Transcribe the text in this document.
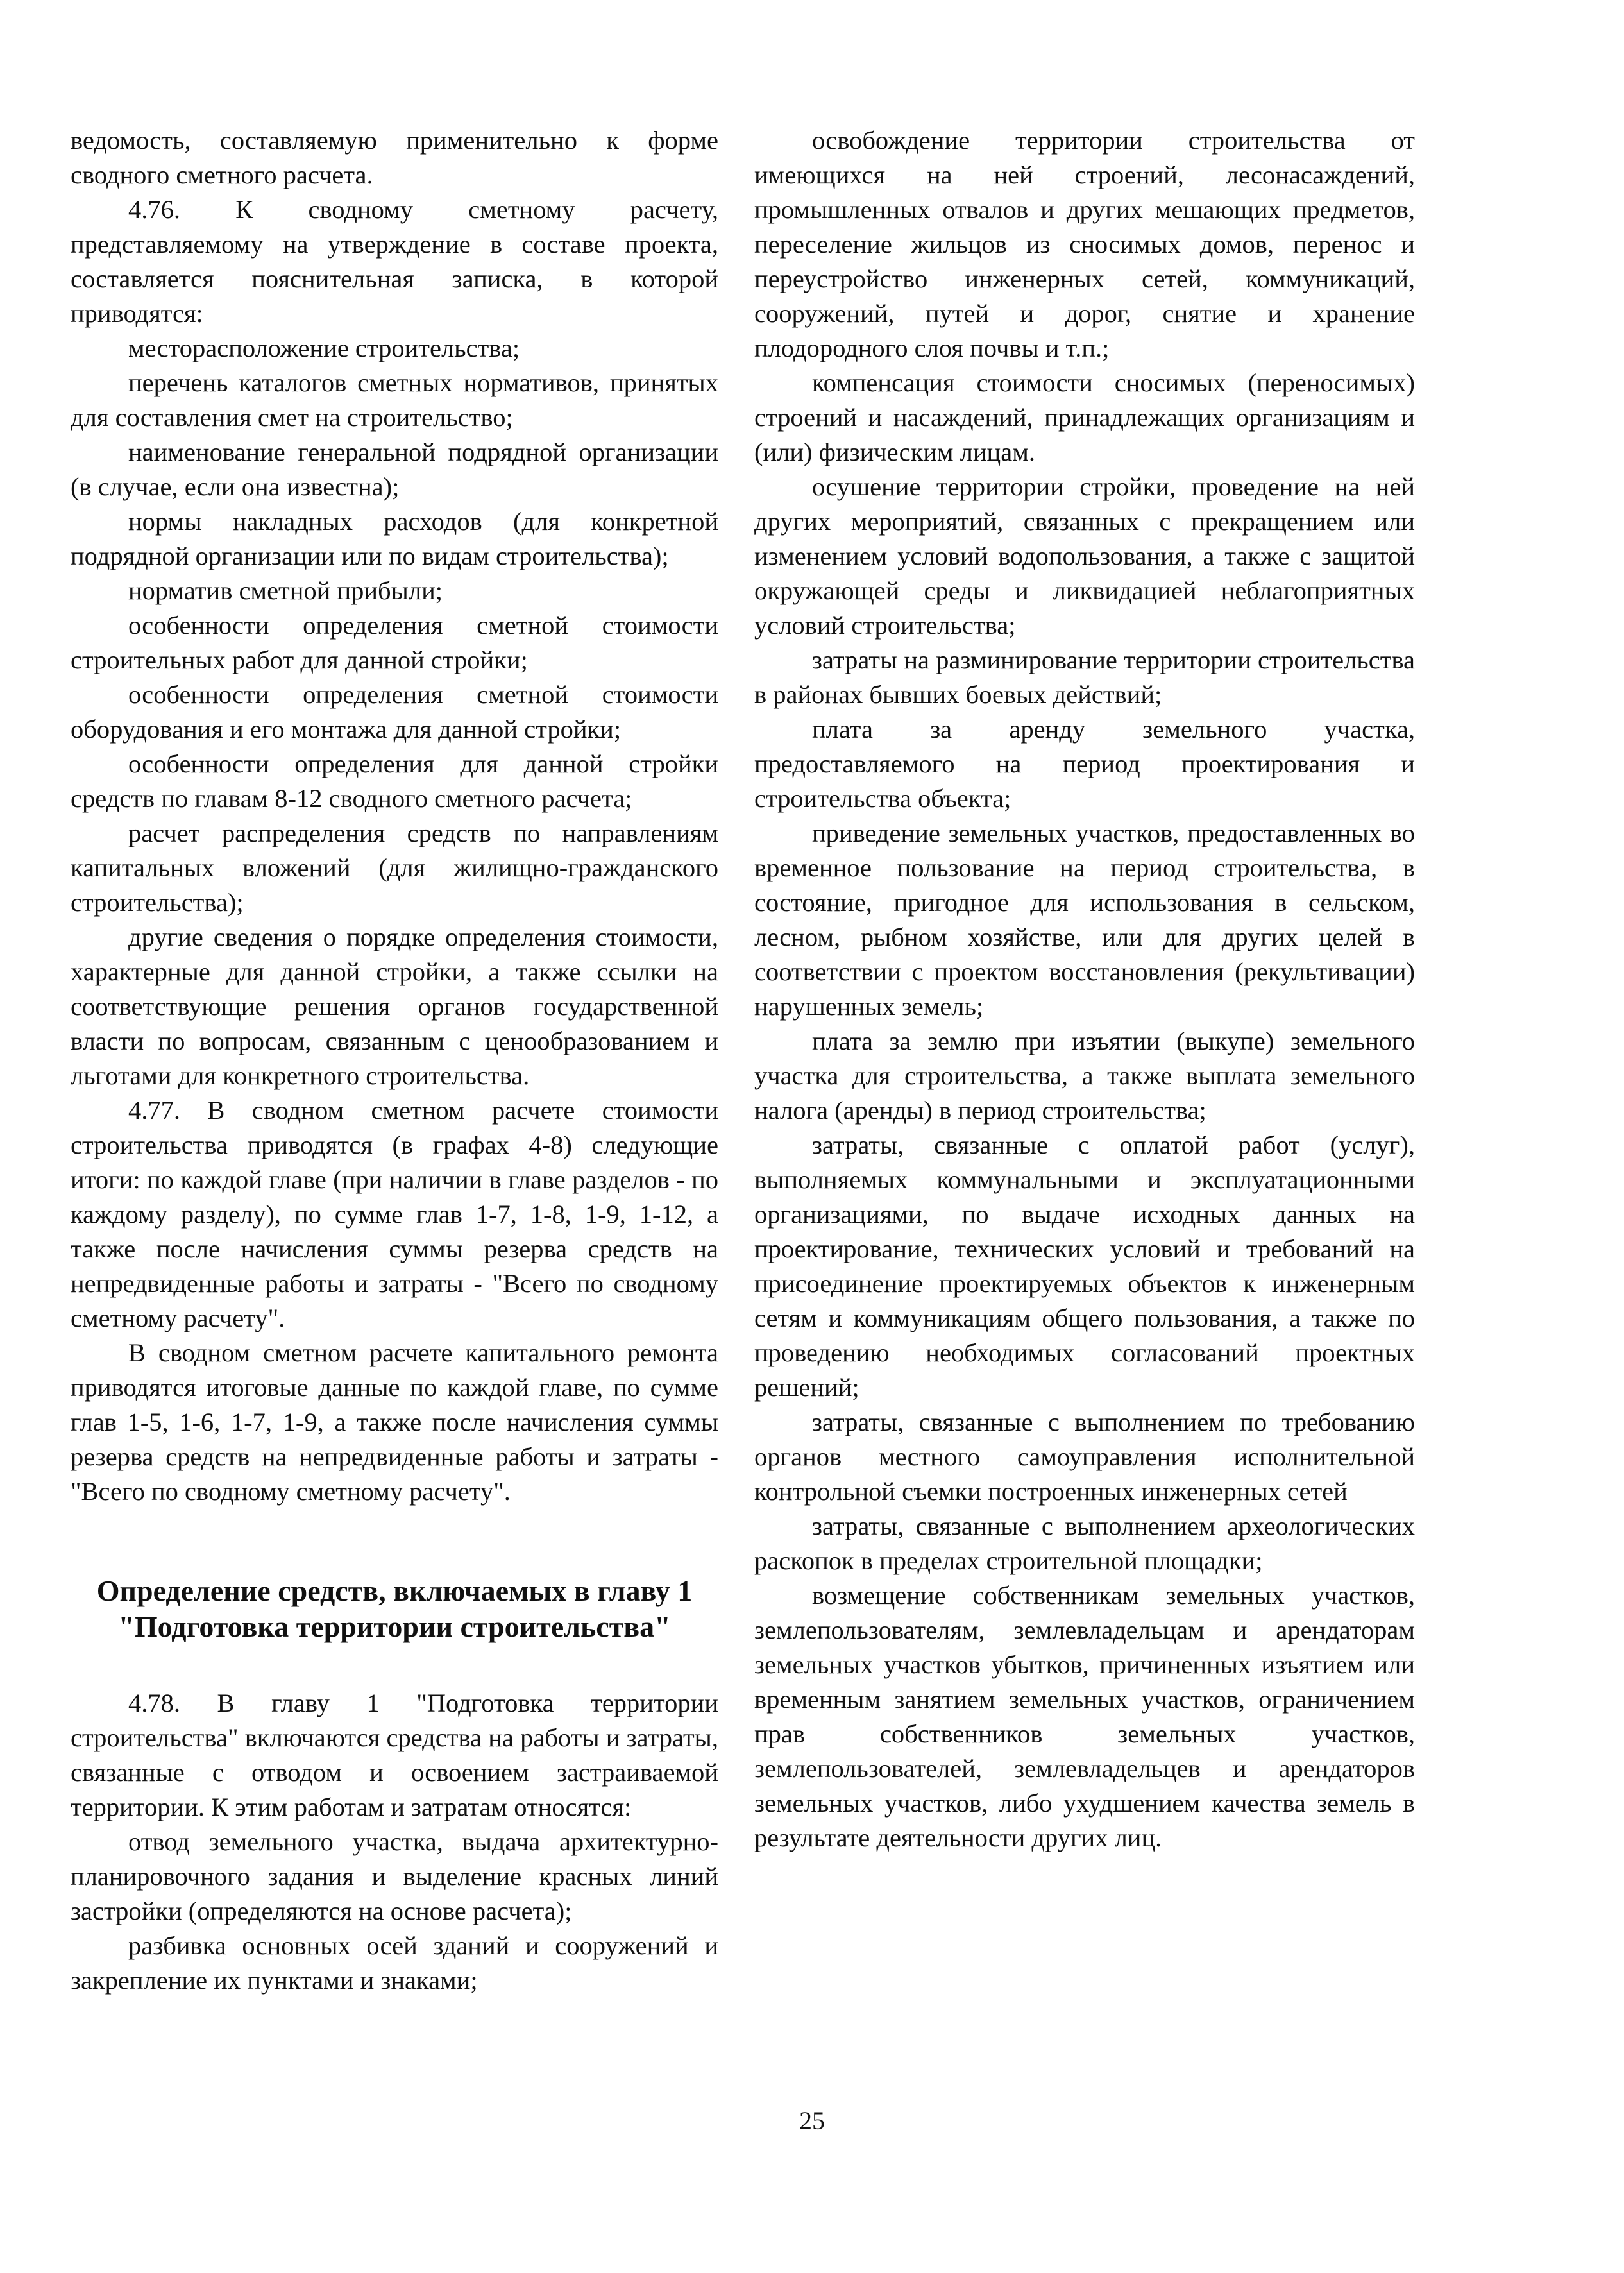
ведомость, составляемую применительно к форме сводного сметного расчета.

4.76. К сводному сметному расчету, представляемому на утверждение в составе проекта, составляется пояснительная записка, в которой приводятся:

месторасположение строительства;

перечень каталогов сметных нормативов, принятых для составления смет на строительство;

наименование генеральной подрядной организации (в случае, если она известна);

нормы накладных расходов (для конкретной подрядной организации или по видам строительства);

норматив сметной прибыли;

особенности определения сметной стоимости строительных работ для данной стройки;

особенности определения сметной стоимости оборудования и его монтажа для данной стройки;

особенности определения для данной стройки средств по главам 8-12 сводного сметного расчета;

расчет распределения средств по направлениям капитальных вложений (для жилищно-гражданского строительства);

другие сведения о порядке определения стоимости, характерные для данной стройки, а также ссылки на соответствующие решения органов государственной власти по вопросам, связанным с ценообразованием и льготами для конкретного строительства.

4.77. В сводном сметном расчете стоимости строительства приводятся (в графах 4-8) следующие итоги: по каждой главе (при наличии в главе разделов - по каждому разделу), по сумме глав 1-7, 1-8, 1-9, 1-12, а также после начисления суммы резерва средств на непредвиденные работы и затраты - "Всего по сводному сметному расчету".

В сводном сметном расчете капитального ремонта приводятся итоговые данные по каждой главе, по сумме глав 1-5, 1-6, 1-7, 1-9, а также после начисления суммы резерва средств на непредвиденные работы и затраты - "Всего по сводному сметному расчету".

Определение средств, включаемых в главу 1
"Подготовка территории строительства"

4.78. В главу 1 "Подготовка территории строительства" включаются средства на работы и затраты, связанные с отводом и освоением застраиваемой территории. К этим работам и затратам относятся:

отвод земельного участка, выдача архитектурно-планировочного задания и выделение красных линий застройки (определяются на основе расчета);

разбивка основных осей зданий и сооружений и закрепление их пунктами и знаками;

освобождение территории строительства от имеющихся на ней строений, лесонасаждений, промышленных отвалов и других мешающих предметов, переселение жильцов из сносимых домов, перенос и переустройство инженерных сетей, коммуникаций, сооружений, путей и дорог, снятие и хранение плодородного слоя почвы и т.п.;

компенсация стоимости сносимых (переносимых) строений и насаждений, принадлежащих организациям и (или) физическим лицам.

осушение территории стройки, проведение на ней других мероприятий, связанных с прекращением или изменением условий водопользования, а также с защитой окружающей среды и ликвидацией неблагоприятных условий строительства;

затраты на разминирование территории строительства в районах бывших боевых действий;

плата за аренду земельного участка, предоставляемого на период проектирования и строительства объекта;

приведение земельных участков, предоставленных во временное пользование на период строительства, в состояние, пригодное для использования в сельском, лесном, рыбном хозяйстве, или для других целей в соответствии с проектом восстановления (рекультивации) нарушенных земель;

плата за землю при изъятии (выкупе) земельного участка для строительства, а также выплата земельного налога (аренды) в период строительства;

затраты, связанные с оплатой работ (услуг), выполняемых коммунальными и эксплуатационными организациями, по выдаче исходных данных на проектирование, технических условий и требований на присоединение проектируемых объектов к инженерным сетям и коммуникациям общего пользования, а также по проведению необходимых согласований проектных решений;

затраты, связанные с выполнением по требованию органов местного самоуправления исполнительной контрольной съемки построенных инженерных сетей

затраты, связанные с выполнением археологических раскопок в пределах строительной площадки;

возмещение собственникам земельных участков, землепользователям, землевладельцам и арендаторам земельных участков убытков, причиненных изъятием или временным занятием земельных участков, ограничением прав собственников земельных участков, землепользователей, землевладельцев и арендаторов земельных участков, либо ухудшением качества земель в результате деятельности других лиц.

25
